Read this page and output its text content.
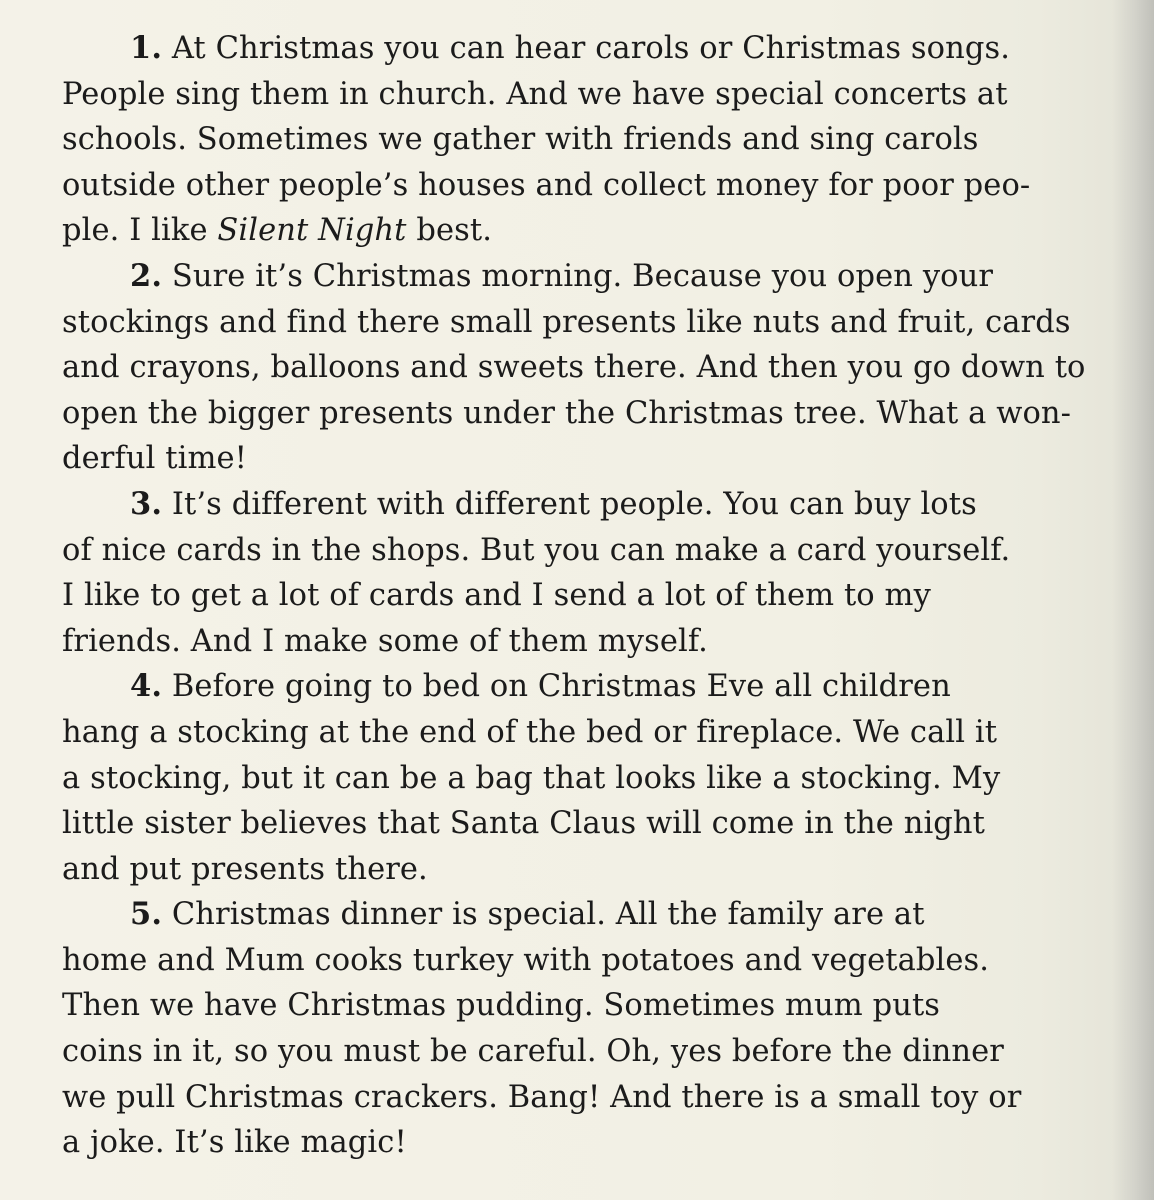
1. At Christmas you can hear carols or Christmas songs.
People sing them in church. And we have special concerts at
schools. Sometimes we gather with friends and sing carols
outside other people’s houses and collect money for poor peo-
ple. I like Silent Night best.
2. Sure it’s Christmas morning. Because you open your
stockings and find there small presents like nuts and fruit, cards
and crayons, balloons and sweets there. And then you go down to
open the bigger presents under the Christmas tree. What a won-
derful time!
3. It’s different with different people. You can buy lots
of nice cards in the shops. But you can make a card yourself.
I like to get a lot of cards and I send a lot of them to my
friends. And I make some of them myself.
4. Before going to bed on Christmas Eve all children
hang a stocking at the end of the bed or fireplace. We call it
a stocking, but it can be a bag that looks like a stocking. My
little sister believes that Santa Claus will come in the night
and put presents there.
5. Christmas dinner is special. All the family are at
home and Mum cooks turkey with potatoes and vegetables.
Then we have Christmas pudding. Sometimes mum puts
coins in it, so you must be careful. Oh, yes before the dinner
we pull Christmas crackers. Bang! And there is a small toy or
a joke. It’s like magic!
